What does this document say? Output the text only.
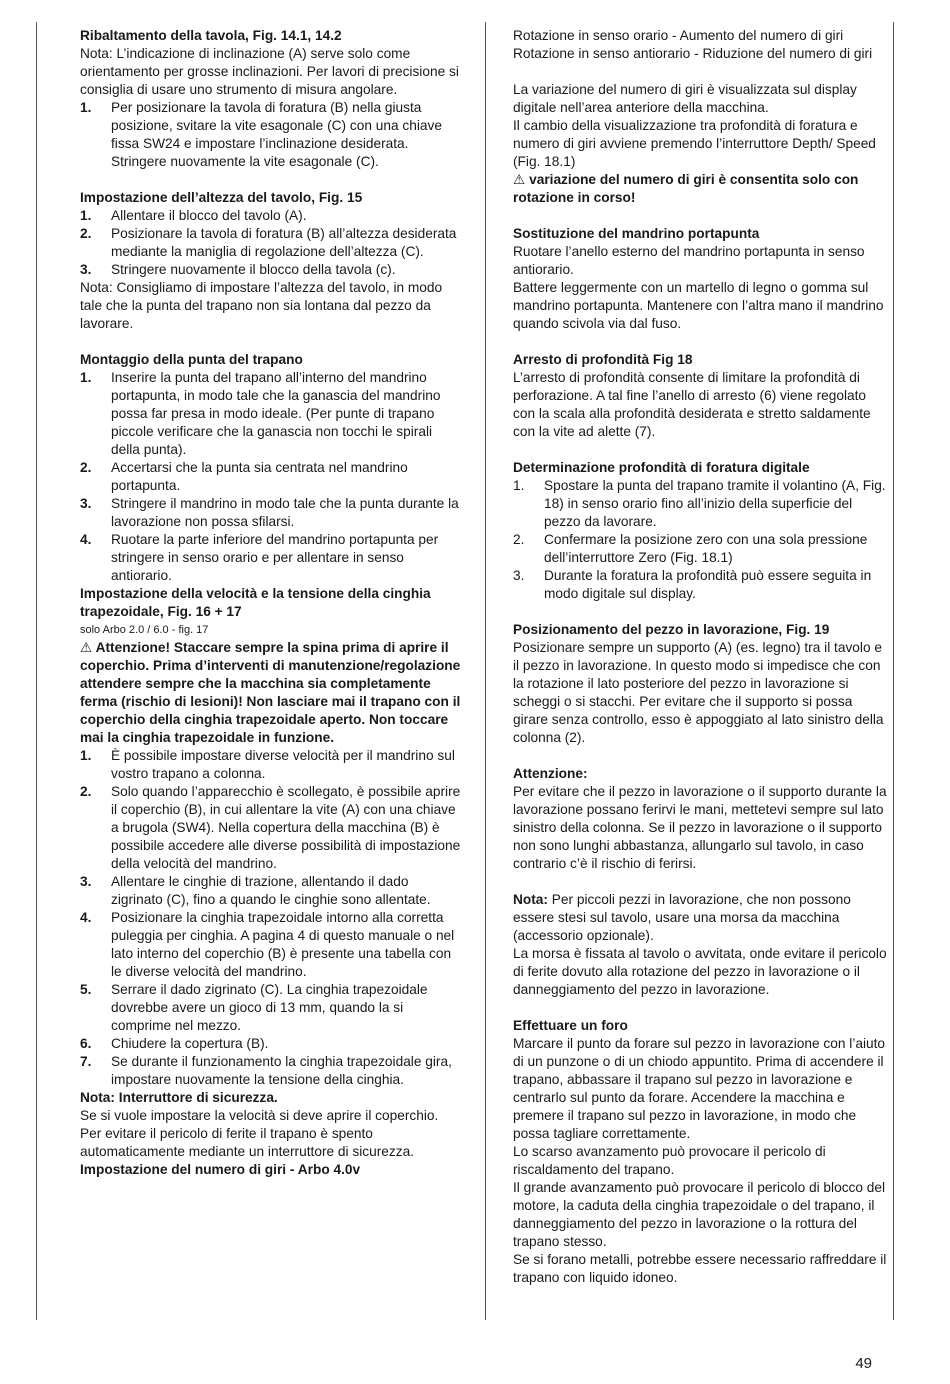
Ribaltamento della tavola, Fig. 14.1, 14.2

Nota: L’indicazione di inclinazione (A) serve solo come orientamento per grosse inclinazioni. Per lavori di precisione si consiglia di usare uno strumento di misura angolare.

1.	Per posizionare la tavola di foratura (B) nella giusta posizione, svitare la vite esagonale (C) con una chiave fissa SW24 e impostare l’inclinazione desiderata. Stringere nuovamente la vite esagonale (C).

Impostazione dell’altezza del tavolo, Fig. 15

1.	Allentare il blocco del tavolo (A).
2.	Posizionare la tavola di foratura (B) all’altezza desiderata mediante la maniglia di regolazione dell’altezza (C).
3.	Stringere nuovamente il blocco della tavola (c).

Nota: Consigliamo di impostare l’altezza del tavolo, in modo tale che la punta del trapano non sia lontana dal pezzo da lavorare.

Montaggio della punta del trapano

1.	Inserire la punta del trapano all’interno del mandrino portapunta, in modo tale che la ganascia del mandrino possa far presa in modo ideale. (Per punte di trapano piccole verificare che la ganascia non tocchi le spirali della punta).
2.	Accertarsi che la punta sia centrata nel mandrino portapunta.
3.	Stringere il mandrino in modo tale che la punta durante la lavorazione non possa sfilarsi.
4.	Ruotare la parte inferiore del mandrino portapunta per stringere in senso orario e per allentare in senso antiorario.

Impostazione della velocità e la tensione della cinghia trapezoidale, Fig. 16 + 17

solo Arbo 2.0 / 6.0 - fig. 17

⚠ Attenzione! Staccare sempre la spina prima di aprire il coperchio. Prima d’interventi di manutenzione/regolazione attendere sempre che la macchina sia completamente ferma (rischio di lesioni)! Non lasciare mai il trapano con il coperchio della cinghia trapezoidale aperto. Non toccare mai la cinghia trapezoidale in funzione.

1.	È possibile impostare diverse velocità per il mandrino sul vostro trapano a colonna.
2.	Solo quando l’apparecchio è scollegato, è possibile aprire il coperchio (B), in cui allentare la vite (A) con una chiave a brugola (SW4). Nella copertura della macchina (B) è possibile accedere alle diverse possibilità di impostazione della velocità del mandrino.
3.	Allentare le cinghie di trazione, allentando il dado zigrinato (C), fino a quando le cinghie sono allentate.
4.	Posizionare la cinghia trapezoidale intorno alla corretta puleggia per cinghia. A pagina 4 di questo manuale o nel lato interno del coperchio (B) è presente una tabella con le diverse velocità del mandrino.
5.	Serrare il dado zigrinato (C). La cinghia trapezoidale dovrebbe avere un gioco di 13 mm, quando la si comprime nel mezzo.
6.	Chiudere la copertura (B).
7.	Se durante il funzionamento la cinghia trapezoidale gira, impostare nuovamente la tensione della cinghia.

Nota: Interruttore di sicurezza.

Se si vuole impostare la velocità si deve aprire il coperchio. Per evitare il pericolo di ferite il trapano è spento automaticamente mediante un interruttore di sicurezza.

Impostazione del numero di giri - Arbo 4.0v

Rotazione in senso orario - Aumento del numero di giri

Rotazione in senso antiorario - Riduzione del numero di giri

La variazione del numero di giri è visualizzata sul display digitale nell’area anteriore della macchina.

Il cambio della visualizzazione tra profondità di foratura e numero di giri avviene premendo l’interruttore Depth/ Speed (Fig. 18.1)

⚠ variazione del numero di giri è consentita solo con rotazione in corso!

Sostituzione del mandrino portapunta

Ruotare l’anello esterno del mandrino portapunta in senso antiorario.

Battere leggermente con un martello di legno o gomma sul mandrino portapunta. Mantenere con l’altra mano il mandrino quando scivola via dal fuso.

Arresto di profondità Fig 18

L’arresto di profondità consente di limitare la profondità di perforazione. A tal fine l’anello di arresto (6) viene regolato con la scala alla profondità desiderata e stretto saldamente con la vite ad alette (7).

Determinazione profondità di foratura digitale

1.	Spostare la punta del trapano tramite il volantino (A, Fig. 18) in senso orario fino all’inizio della superficie del pezzo da lavorare.
2.	Confermare la posizione zero con una sola pressione dell’interruttore Zero (Fig. 18.1)
3.	Durante la foratura la profondità può essere seguita in modo digitale sul display.

Posizionamento del pezzo in lavorazione, Fig. 19

Posizionare sempre un supporto (A) (es. legno) tra il tavolo e il pezzo in lavorazione. In questo modo si impedisce che con la rotazione il lato posteriore del pezzo in lavorazione si scheggi o si stacchi. Per evitare che il supporto si possa girare senza controllo, esso è appoggiato al lato sinistro della colonna (2).

Attenzione:

Per evitare che il pezzo in lavorazione o il supporto durante la lavorazione possano ferirvi le mani, mettetevi sempre sul lato sinistro della colonna. Se il pezzo in lavorazione o il supporto non sono lunghi abbastanza, allungarlo sul tavolo, in caso contrario c’è il rischio di ferirsi.

Nota: Per piccoli pezzi in lavorazione, che non possono essere stesi sul tavolo, usare una morsa da macchina (accessorio opzionale).

La morsa è fissata al tavolo o avvitata, onde evitare il pericolo di ferite dovuto alla rotazione del pezzo in lavorazione o il danneggiamento del pezzo in lavorazione.

Effettuare un foro

Marcare il punto da forare sul pezzo in lavorazione con l’aiuto di un punzone o di un chiodo appuntito. Prima di accendere il trapano, abbassare il trapano sul pezzo in lavorazione e centrarlo sul punto da forare. Accendere la macchina e premere il trapano sul pezzo in lavorazione, in modo che possa tagliare correttamente.

Lo scarso avanzamento può provocare il pericolo di riscaldamento del trapano.

Il grande avanzamento può provocare il pericolo di blocco del motore, la caduta della cinghia trapezoidale o del trapano, il danneggiamento del pezzo in lavorazione o la rottura del trapano stesso.

Se si forano metalli, potrebbe essere necessario raffreddare il trapano con liquido idoneo.

49
